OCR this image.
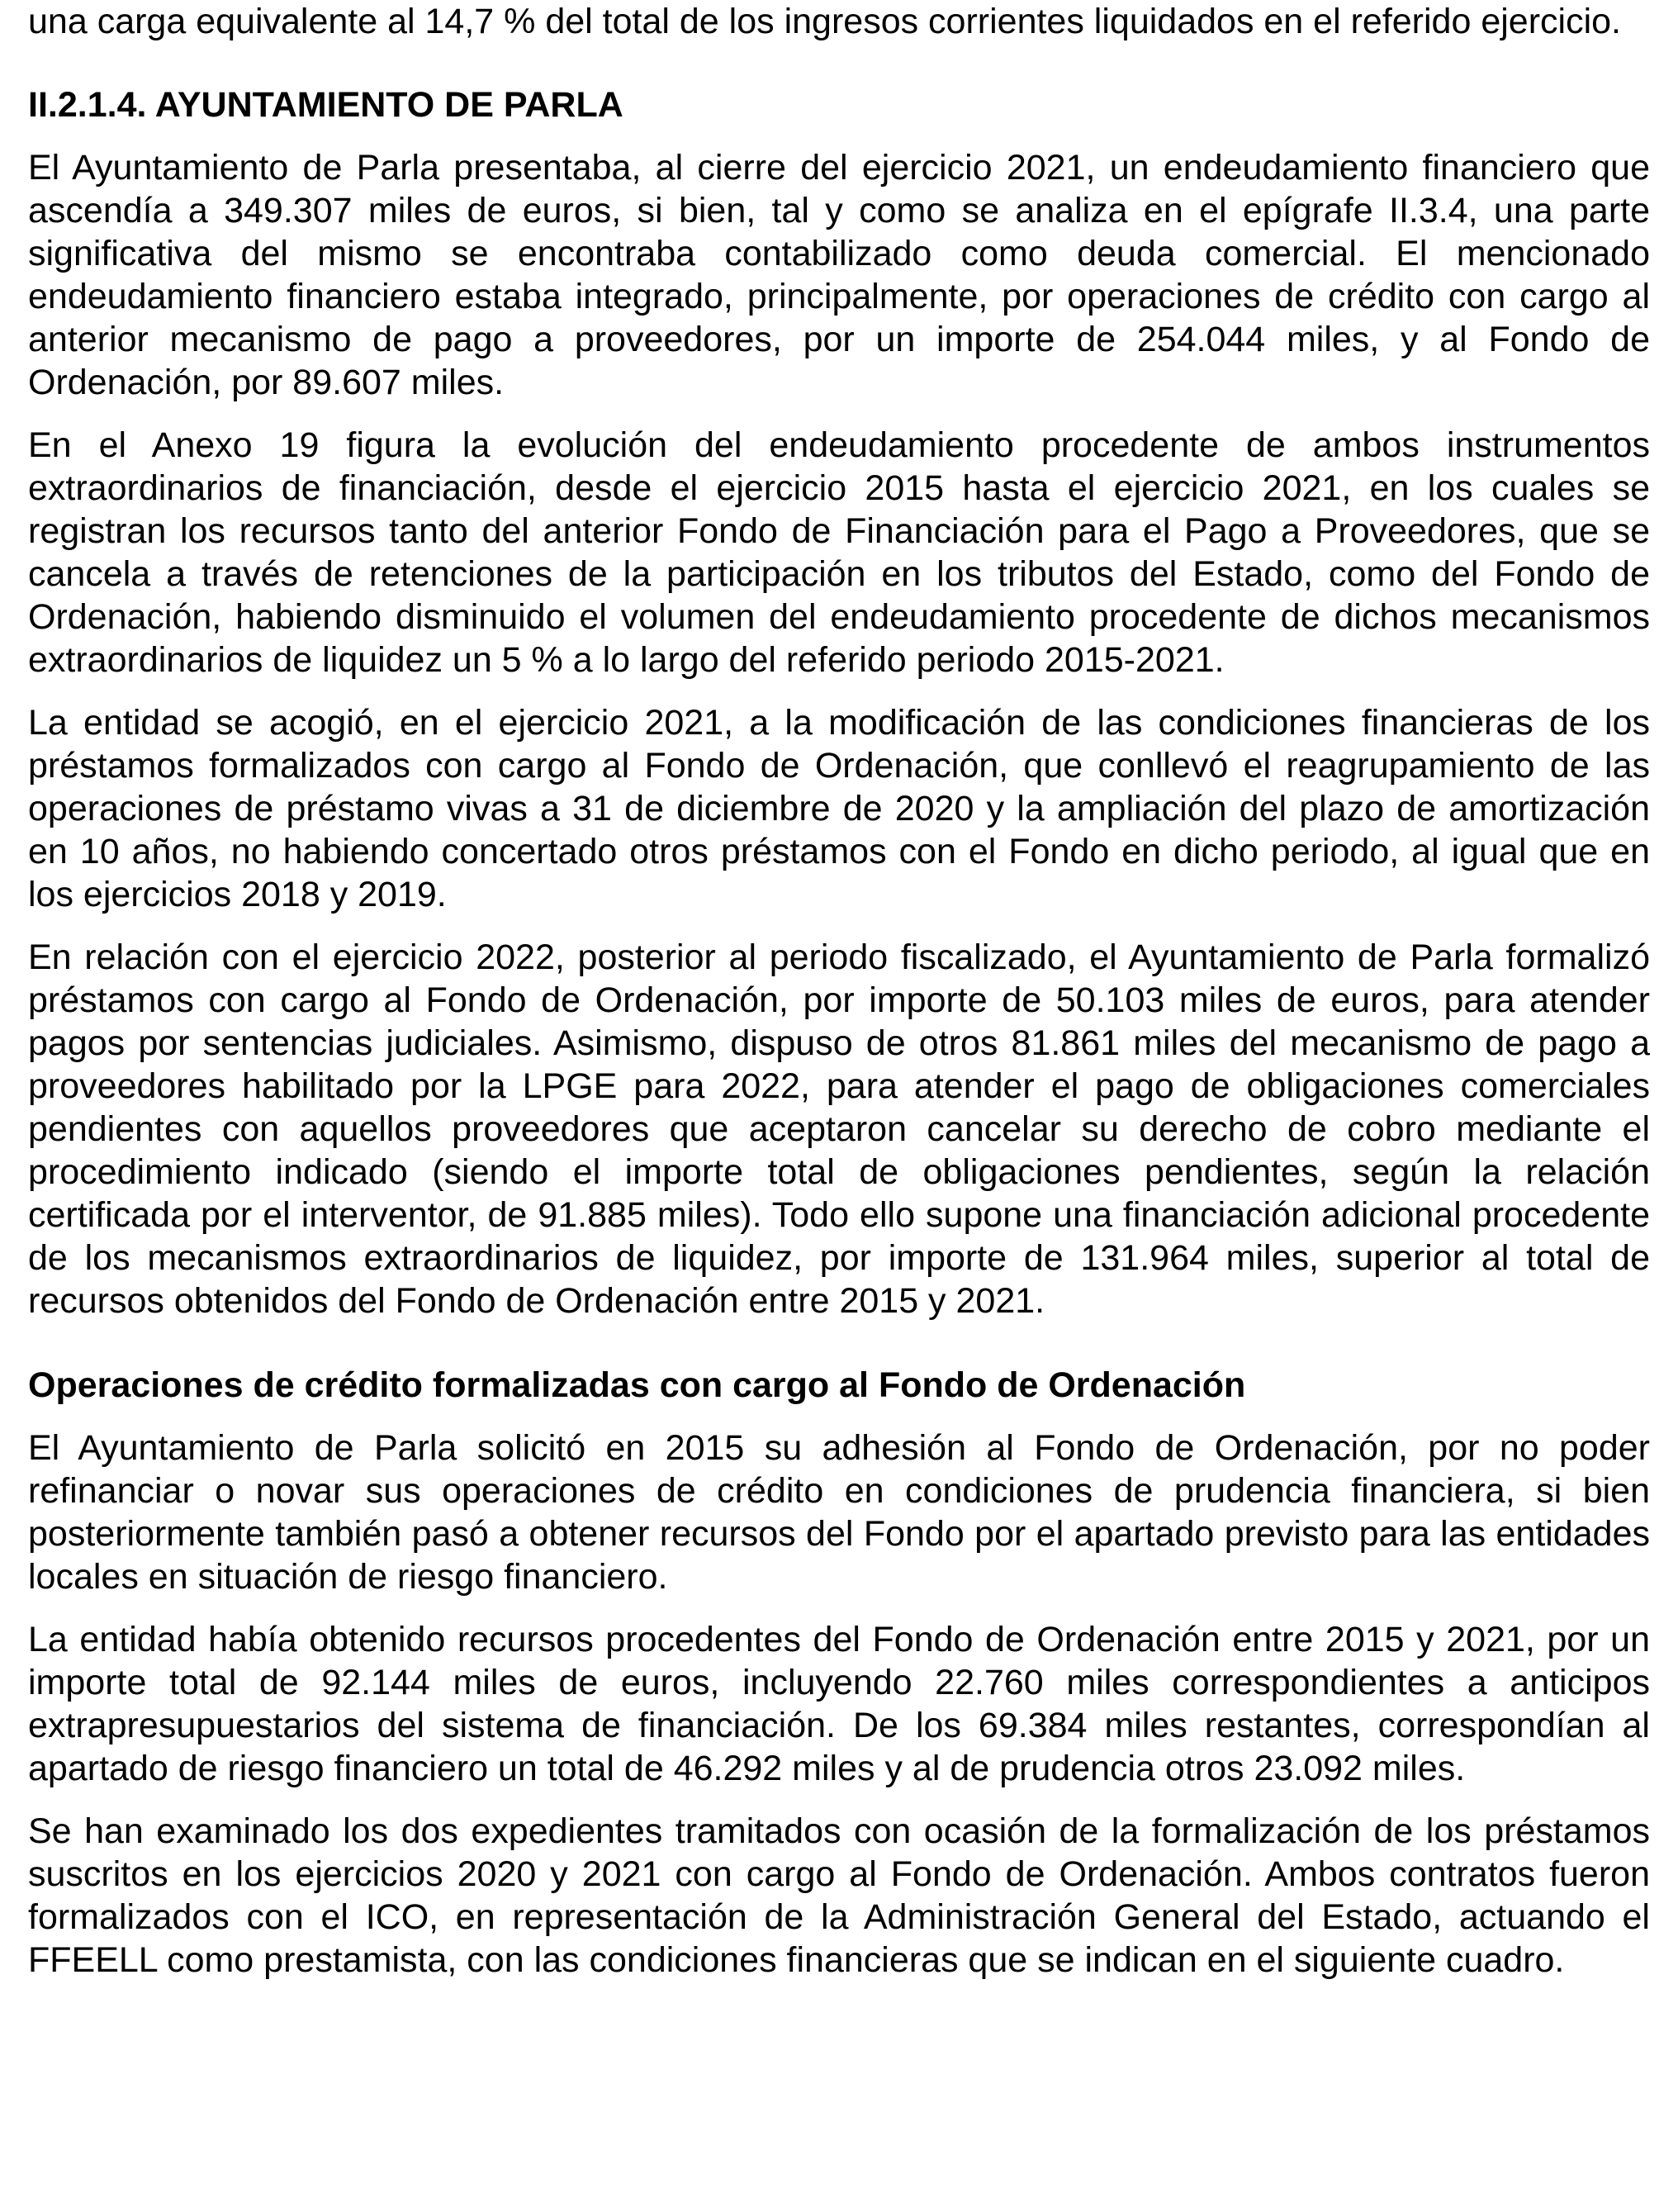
una carga equivalente al 14,7 % del total de los ingresos corrientes liquidados en el referido ejercicio.

II.2.1.4. AYUNTAMIENTO DE PARLA

El Ayuntamiento de Parla presentaba, al cierre del ejercicio 2021, un endeudamiento financiero que ascendía a 349.307 miles de euros, si bien, tal y como se analiza en el epígrafe II.3.4, una parte significativa del mismo se encontraba contabilizado como deuda comercial. El mencionado endeudamiento financiero estaba integrado, principalmente, por operaciones de crédito con cargo al anterior mecanismo de pago a proveedores, por un importe de 254.044 miles, y al Fondo de Ordenación, por 89.607 miles.

En el Anexo 19 figura la evolución del endeudamiento procedente de ambos instrumentos extraordinarios de financiación, desde el ejercicio 2015 hasta el ejercicio 2021, en los cuales se registran los recursos tanto del anterior Fondo de Financiación para el Pago a Proveedores, que se cancela a través de retenciones de la participación en los tributos del Estado, como del Fondo de Ordenación, habiendo disminuido el volumen del endeudamiento procedente de dichos mecanismos extraordinarios de liquidez un 5 % a lo largo del referido periodo 2015-2021.

La entidad se acogió, en el ejercicio 2021, a la modificación de las condiciones financieras de los préstamos formalizados con cargo al Fondo de Ordenación, que conllevó el reagrupamiento de las operaciones de préstamo vivas a 31 de diciembre de 2020 y la ampliación del plazo de amortización en 10 años, no habiendo concertado otros préstamos con el Fondo en dicho periodo, al igual que en los ejercicios 2018 y 2019.

En relación con el ejercicio 2022, posterior al periodo fiscalizado, el Ayuntamiento de Parla formalizó préstamos con cargo al Fondo de Ordenación, por importe de 50.103 miles de euros, para atender pagos por sentencias judiciales. Asimismo, dispuso de otros 81.861 miles del mecanismo de pago a proveedores habilitado por la LPGE para 2022, para atender el pago de obligaciones comerciales pendientes con aquellos proveedores que aceptaron cancelar su derecho de cobro mediante el procedimiento indicado (siendo el importe total de obligaciones pendientes, según la relación certificada por el interventor, de 91.885 miles). Todo ello supone una financiación adicional procedente de los mecanismos extraordinarios de liquidez, por importe de 131.964 miles, superior al total de recursos obtenidos del Fondo de Ordenación entre 2015 y 2021.

Operaciones de crédito formalizadas con cargo al Fondo de Ordenación

El Ayuntamiento de Parla solicitó en 2015 su adhesión al Fondo de Ordenación, por no poder refinanciar o novar sus operaciones de crédito en condiciones de prudencia financiera, si bien posteriormente también pasó a obtener recursos del Fondo por el apartado previsto para las entidades locales en situación de riesgo financiero.

La entidad había obtenido recursos procedentes del Fondo de Ordenación entre 2015 y 2021, por un importe total de 92.144 miles de euros, incluyendo 22.760 miles correspondientes a anticipos extrapresupuestarios del sistema de financiación. De los 69.384 miles restantes, correspondían al apartado de riesgo financiero un total de 46.292 miles y al de prudencia otros 23.092 miles.

Se han examinado los dos expedientes tramitados con ocasión de la formalización de los préstamos suscritos en los ejercicios 2020 y 2021 con cargo al Fondo de Ordenación. Ambos contratos fueron formalizados con el ICO, en representación de la Administración General del Estado, actuando el FFEELL como prestamista, con las condiciones financieras que se indican en el siguiente cuadro.
